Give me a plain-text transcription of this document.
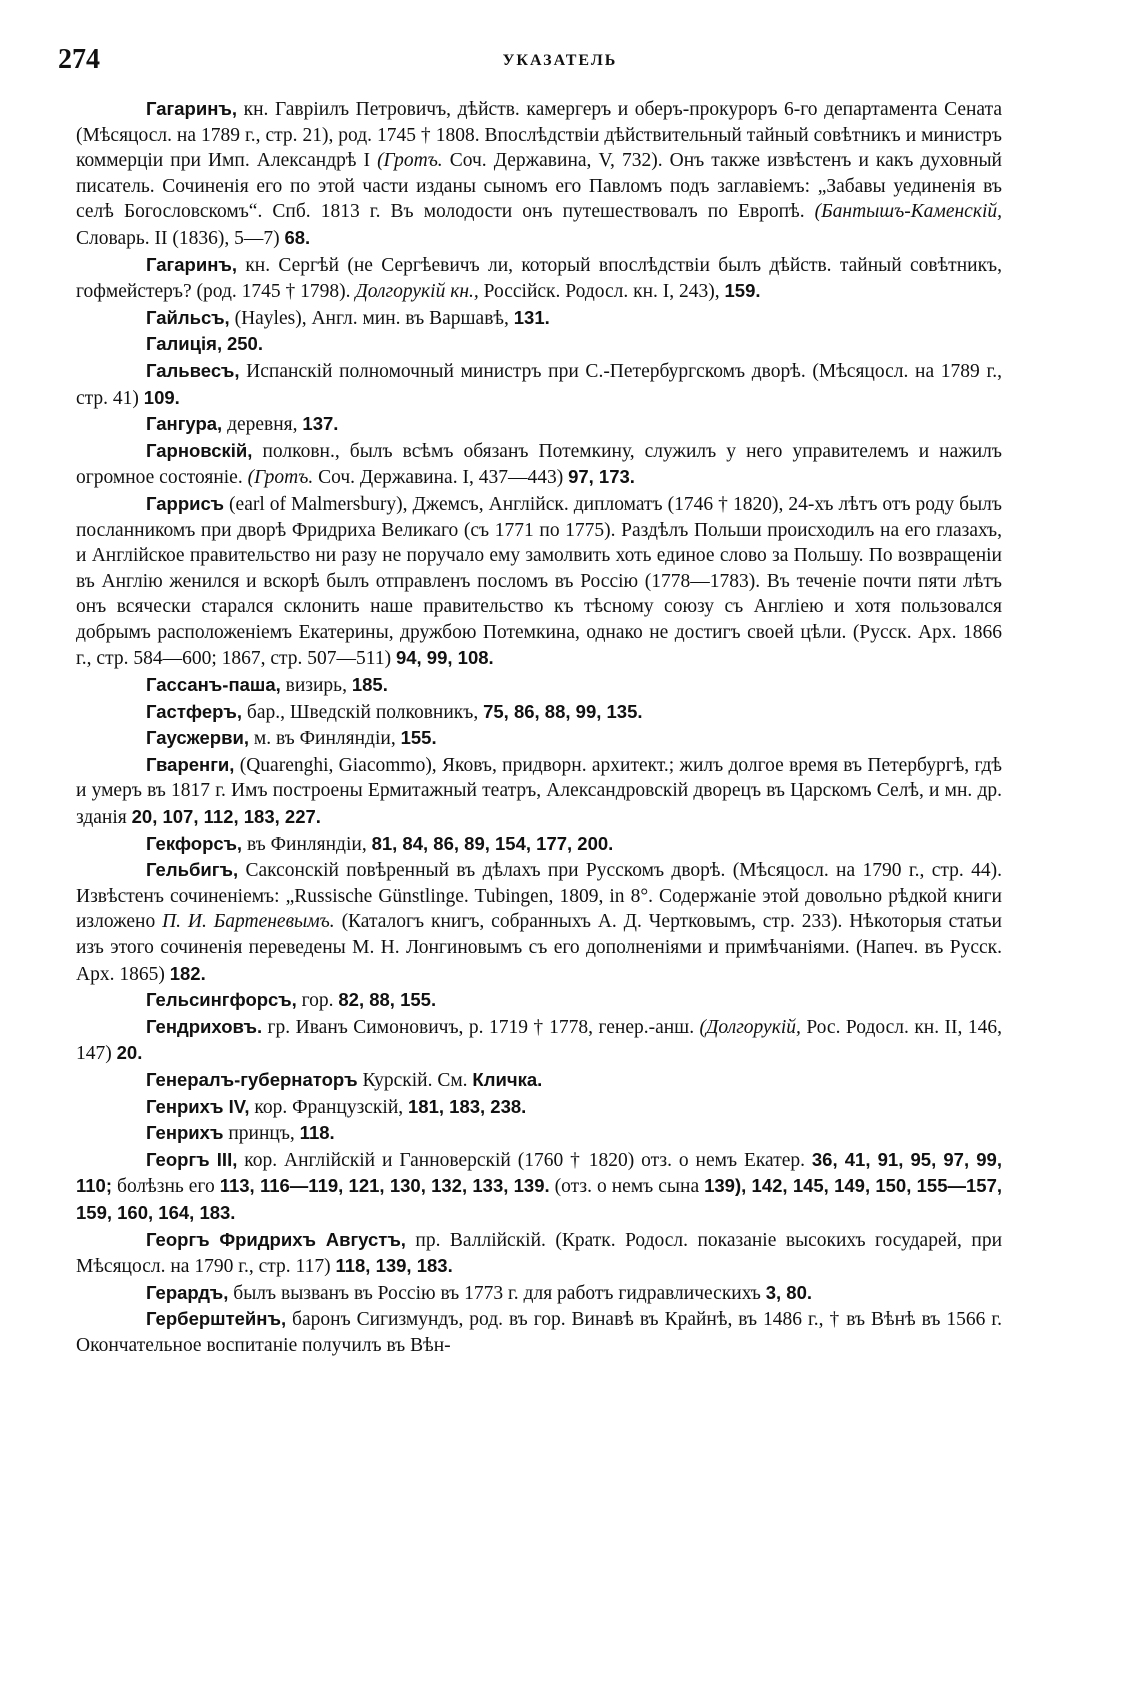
274	УКАЗАТЕЛЬ

Гагаринъ, кн. Гавріилъ Петровичъ, дѣйств. камергеръ и оберъ-прокуроръ 6-го департамента Сената (Мѣсяцосл. на 1789 г., стр. 21), род. 1745 † 1808. Впослѣдствіи дѣйствительный тайный совѣтникъ и министръ коммерціи при Имп. Александрѣ I (Гротъ. Соч. Державина, V, 732). Онъ также извѣстенъ и какъ духовный писатель. Сочиненія его по этой части изданы сыномъ его Павломъ подъ заглавіемъ: „Забавы уединенія въ селѣ Богословскомъ“. Спб. 1813 г. Въ молодости онъ путешествовалъ по Европѣ. (Бантышъ-Каменскій, Словарь. II (1836), 5—7) 68.

Гагаринъ, кн. Сергѣй (не Сергѣевичъ ли, который впослѣдствіи былъ дѣйств. тайный совѣтникъ, гофмейстеръ? (род. 1745 † 1798). Долгорукій кн., Россійск. Родосл. кн. I, 243), 159.

Гайльсъ, (Hayles), Англ. мин. въ Варшавѣ, 131.

Галиція, 250.

Гальвесъ, Испанскій полномочный министръ при С.-Петербургскомъ дворѣ. (Мѣсяцосл. на 1789 г., стр. 41) 109.

Гангура, деревня, 137.

Гарновскій, полковн., былъ всѣмъ обязанъ Потемкину, служилъ у него управителемъ и нажилъ огромное состояніе. (Гротъ. Соч. Державина. I, 437—443) 97, 173.

Гаррисъ (earl of Malmersbury), Джемсъ, Англійск. дипломатъ (1746 † 1820), 24-хъ лѣтъ отъ роду былъ посланникомъ при дворѣ Фридриха Великаго (съ 1771 по 1775). Раздѣлъ Польши происходилъ на его глазахъ, и Англійское правительство ни разу не поручало ему замолвить хоть единое слово за Польшу. По возвращеніи въ Англію женился и вскорѣ былъ отправленъ посломъ въ Россію (1778—1783). Въ теченіе почти пяти лѣтъ онъ всячески старался склонить наше правительство къ тѣсному союзу съ Англіею и хотя пользовался добрымъ расположеніемъ Екатерины, дружбою Потемкина, однако не достигъ своей цѣли. (Русск. Арх. 1866 г., стр. 584—600; 1867, стр. 507—511) 94, 99, 108.

Гассанъ-паша, визирь, 185.

Гастферъ, бар., Шведскій полковникъ, 75, 86, 88, 99, 135.

Гаусжерви, м. въ Финляндіи, 155.

Гваренги, (Quarenghi, Giacommo), Яковъ, придворн. архитект.; жилъ долгое время въ Петербургѣ, гдѣ и умеръ въ 1817 г. Имъ построены Ермитажный театръ, Александровскій дворецъ въ Царскомъ Селѣ, и мн. др. зданія 20, 107, 112, 183, 227.

Гекфорсъ, въ Финляндіи, 81, 84, 86, 89, 154, 177, 200.

Гельбигъ, Саксонскій повѣренный въ дѣлахъ при Русскомъ дворѣ. (Мѣсяцосл. на 1790 г., стр. 44). Извѣстенъ сочиненіемъ: „Russische Günstlinge. Tubingen, 1809, in 8°. Содержаніе этой довольно рѣдкой книги изложено П. И. Бартеневымъ. (Каталогъ книгъ, собранныхъ А. Д. Чертковымъ, стр. 233). Нѣкоторыя статьи изъ этого сочиненія переведены М. Н. Лонгиновымъ съ его дополненіями и примѣчаніями. (Напеч. въ Русск. Арх. 1865) 182.

Гельсингфорсъ, гор. 82, 88, 155.

Гендриховъ. гр. Иванъ Симоновичъ, р. 1719 † 1778, генер.-анш. (Долгорукій, Рос. Родосл. кн. II, 146, 147) 20.

Генералъ-губернаторъ Курскій. См. Кличка.

Генрихъ IV, кор. Французскій, 181, 183, 238.

Генрихъ принцъ, 118.

Георгъ III, кор. Англійскій и Ганноверскій (1760 † 1820) отз. о немъ Екатер. 36, 41, 91, 95, 97, 99, 110; болѣзнь его 113, 116—119, 121, 130, 132, 133, 139. (отз. о немъ сына 139), 142, 145, 149, 150, 155—157, 159, 160, 164, 183.

Георгъ Фридрихъ Августъ, пр. Валлійскій. (Кратк. Родосл. показаніе высокихъ государей, при Мѣсяцосл. на 1790 г., стр. 117) 118, 139, 183.

Герардъ, былъ вызванъ въ Россію въ 1773 г. для работъ гидравлическихъ 3, 80.

Герберштейнъ, баронъ Сигизмундъ, род. въ гор. Винавѣ въ Крайнѣ, въ 1486 г., † въ Вѣнѣ въ 1566 г. Окончательное воспитаніе получилъ въ Вѣн-
